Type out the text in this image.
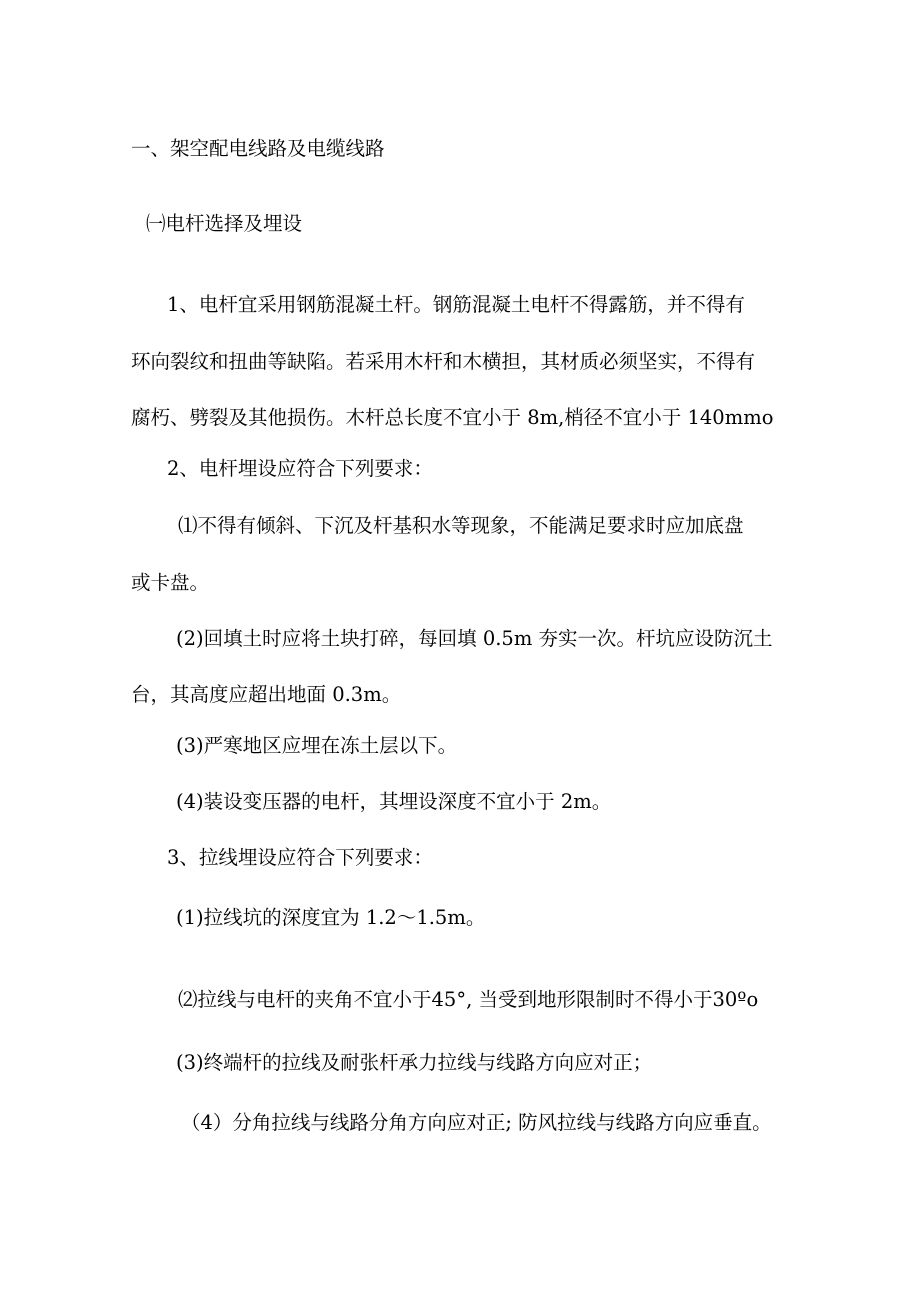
一、架空配电线路及电缆线路
㈠电杆选择及埋设
1、电杆宜采用钢筋混凝土杆。钢筋混凝土电杆不得露筋，并不得有
环向裂纹和扭曲等缺陷。若采用木杆和木横担，其材质必须坚实，不得有
腐朽、劈裂及其他损伤。木杆总长度不宜小于 8m,梢径不宜小于 140mmo
2、电杆埋设应符合下列要求：
⑴不得有倾斜、下沉及杆基积水等现象，不能满足要求时应加底盘
或卡盘。
(2)回填土时应将土块打碎，每回填 0.5m 夯实一次。杆坑应设防沉土
台，其高度应超出地面 0.3m。
(3)严寒地区应埋在冻土层以下。
(4)装设变压器的电杆，其埋设深度不宜小于 2m。
3、拉线埋设应符合下列要求：
(1)拉线坑的深度宜为 1.2～1.5m。
⑵拉线与电杆的夹角不宜小于45°, 当受到地形限制时不得小于30ºo
(3)终端杆的拉线及耐张杆承力拉线与线路方向应对正；
（4）分角拉线与线路分角方向应对正; 防风拉线与线路方向应垂直。
